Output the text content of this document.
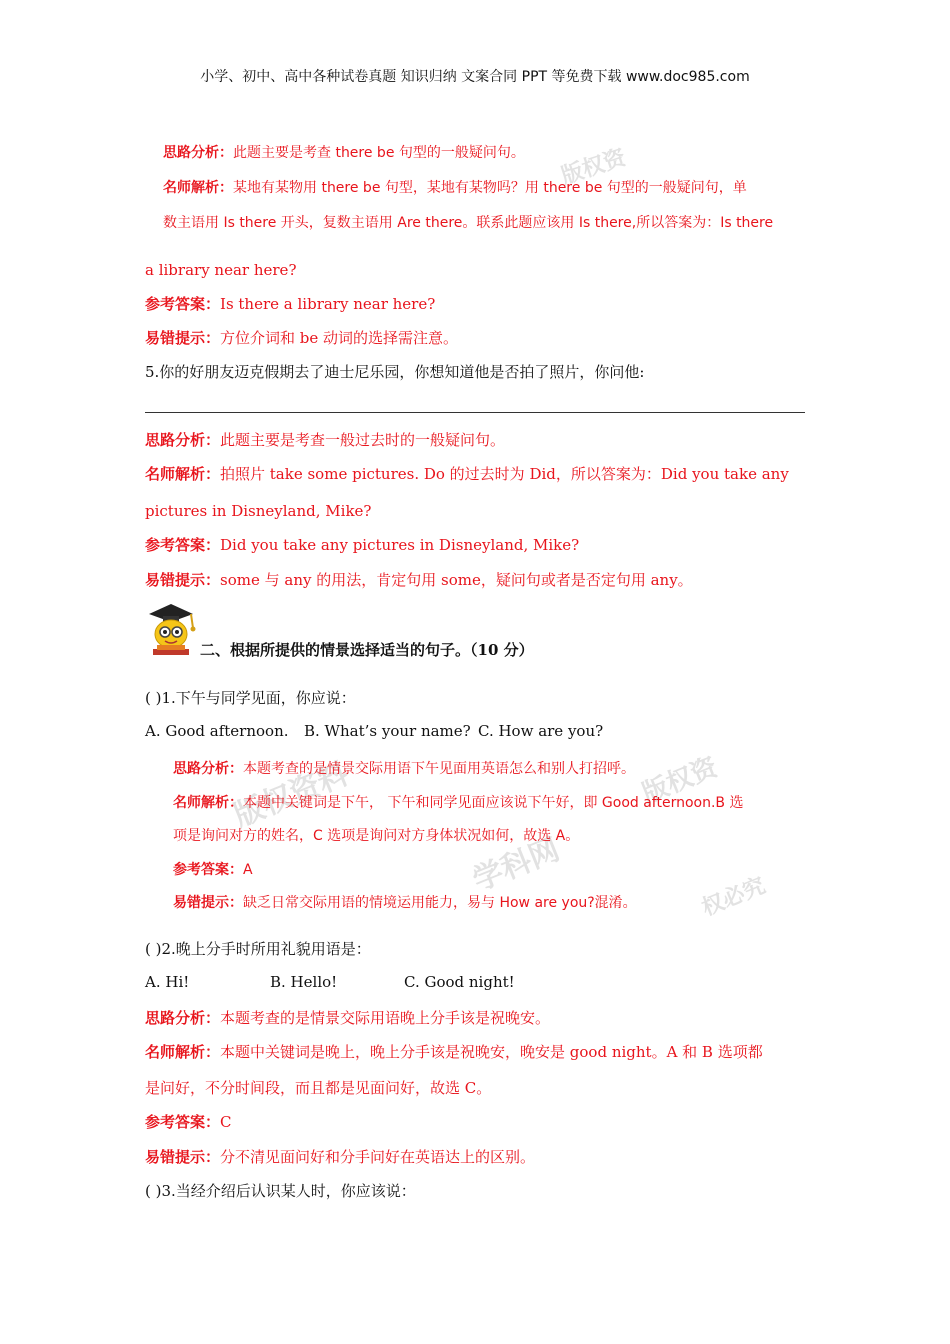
小学、初中、高中各种试卷真题 知识归纳 文案合同 PPT 等免费下载 www.doc985.com
版权资
版权资料
学科网
版权资
权必究
思路分析：此题主要是考查 there be 句型的一般疑问句。
名师解析：某地有某物用 there be 句型，某地有某物吗？用 there be 句型的一般疑问句，单
数主语用 Is there 开头，复数主语用 Are there。联系此题应该用 Is there,所以答案为：Is there
a library near here?
参考答案：Is there a library near here?
易错提示：方位介词和 be 动词的选择需注意。
5.你的好朋友迈克假期去了迪士尼乐园，你想知道他是否拍了照片，你问他:
思路分析：此题主要是考查一般过去时的一般疑问句。
名师解析：拍照片 take some pictures. Do 的过去时为 Did，所以答案为：Did you take any
pictures in Disneyland, Mike?
参考答案：Did you take any pictures in Disneyland, Mike?
易错提示：some 与 any 的用法，肯定句用 some，疑问句或者是否定句用 any。
二、根据所提供的情景选择适当的句子。（10 分）
( )1.下午与同学见面，你应说：
A. Good afternoon. B. What’s your name? C. How are you?
思路分析：本题考查的是情景交际用语下午见面用英语怎么和别人打招呼。
名师解析：本题中关键词是下午， 下午和同学见面应该说下午好，即 Good afternoon.B 选
项是询问对方的姓名，C 选项是询问对方身体状况如何，故选 A。
参考答案：A
易错提示：缺乏日常交际用语的情境运用能力，易与 How are you?混淆。
( )2.晚上分手时所用礼貌用语是：
A. Hi!	B. Hello!	C. Good night!
思路分析：本题考查的是情景交际用语晚上分手该是祝晚安。
名师解析：本题中关键词是晚上，晚上分手该是祝晚安，晚安是 good night。A 和 B 选项都
是问好，不分时间段，而且都是见面问好，故选 C。
参考答案：C
易错提示：分不清见面问好和分手问好在英语达上的区别。
( )3.当经介绍后认识某人时，你应该说：
